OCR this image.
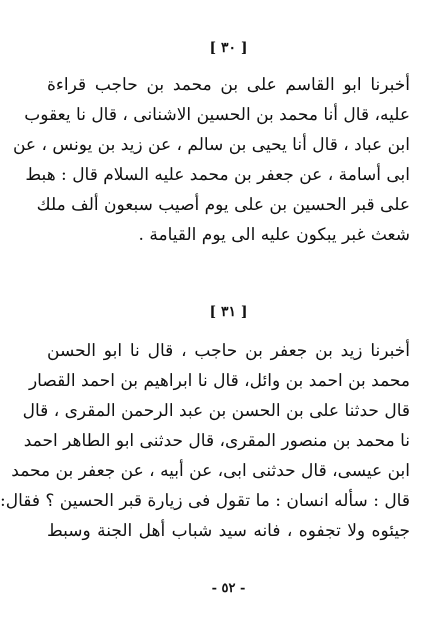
[ ٣٠ ]
أخبرنا ابو القاسم على بن محمد بن حاجب قراءة
عليه، قال أنا محمد بن الحسين الاشنانى ، قال نا يعقوب
ابن عباد ، قال أنا يحيى بن سالم ، عن زيد بن يونس ، عن
ابى أسامة ، عن جعفر بن محمد عليه السلام قال : هبط
على قبر الحسين بن على يوم أصيب سبعون ألف ملك
شعث غبر يبكون عليه الى يوم القيامة .
[ ٣١ ]
أخبرنا زيد بن جعفر بن حاجب ، قال نا ابو الحسن
محمد بن احمد بن وائل، قال نا ابراهيم بن احمد القصار
قال حدثنا على بن الحسن بن عبد الرحمن المقرى ، قال
نا محمد بن منصور المقرى، قال حدثنى ابو الطاهر احمد
ابن عيسى، قال حدثنى ابى، عن أبيه ، عن جعفر بن محمد
قال : سأله انسان : ما تقول فى زيارة قبر الحسين ؟ فقال:
جيئوه ولا تجفوه ، فانه سيد شباب أهل الجنة وسبط
- ٥٢ -
